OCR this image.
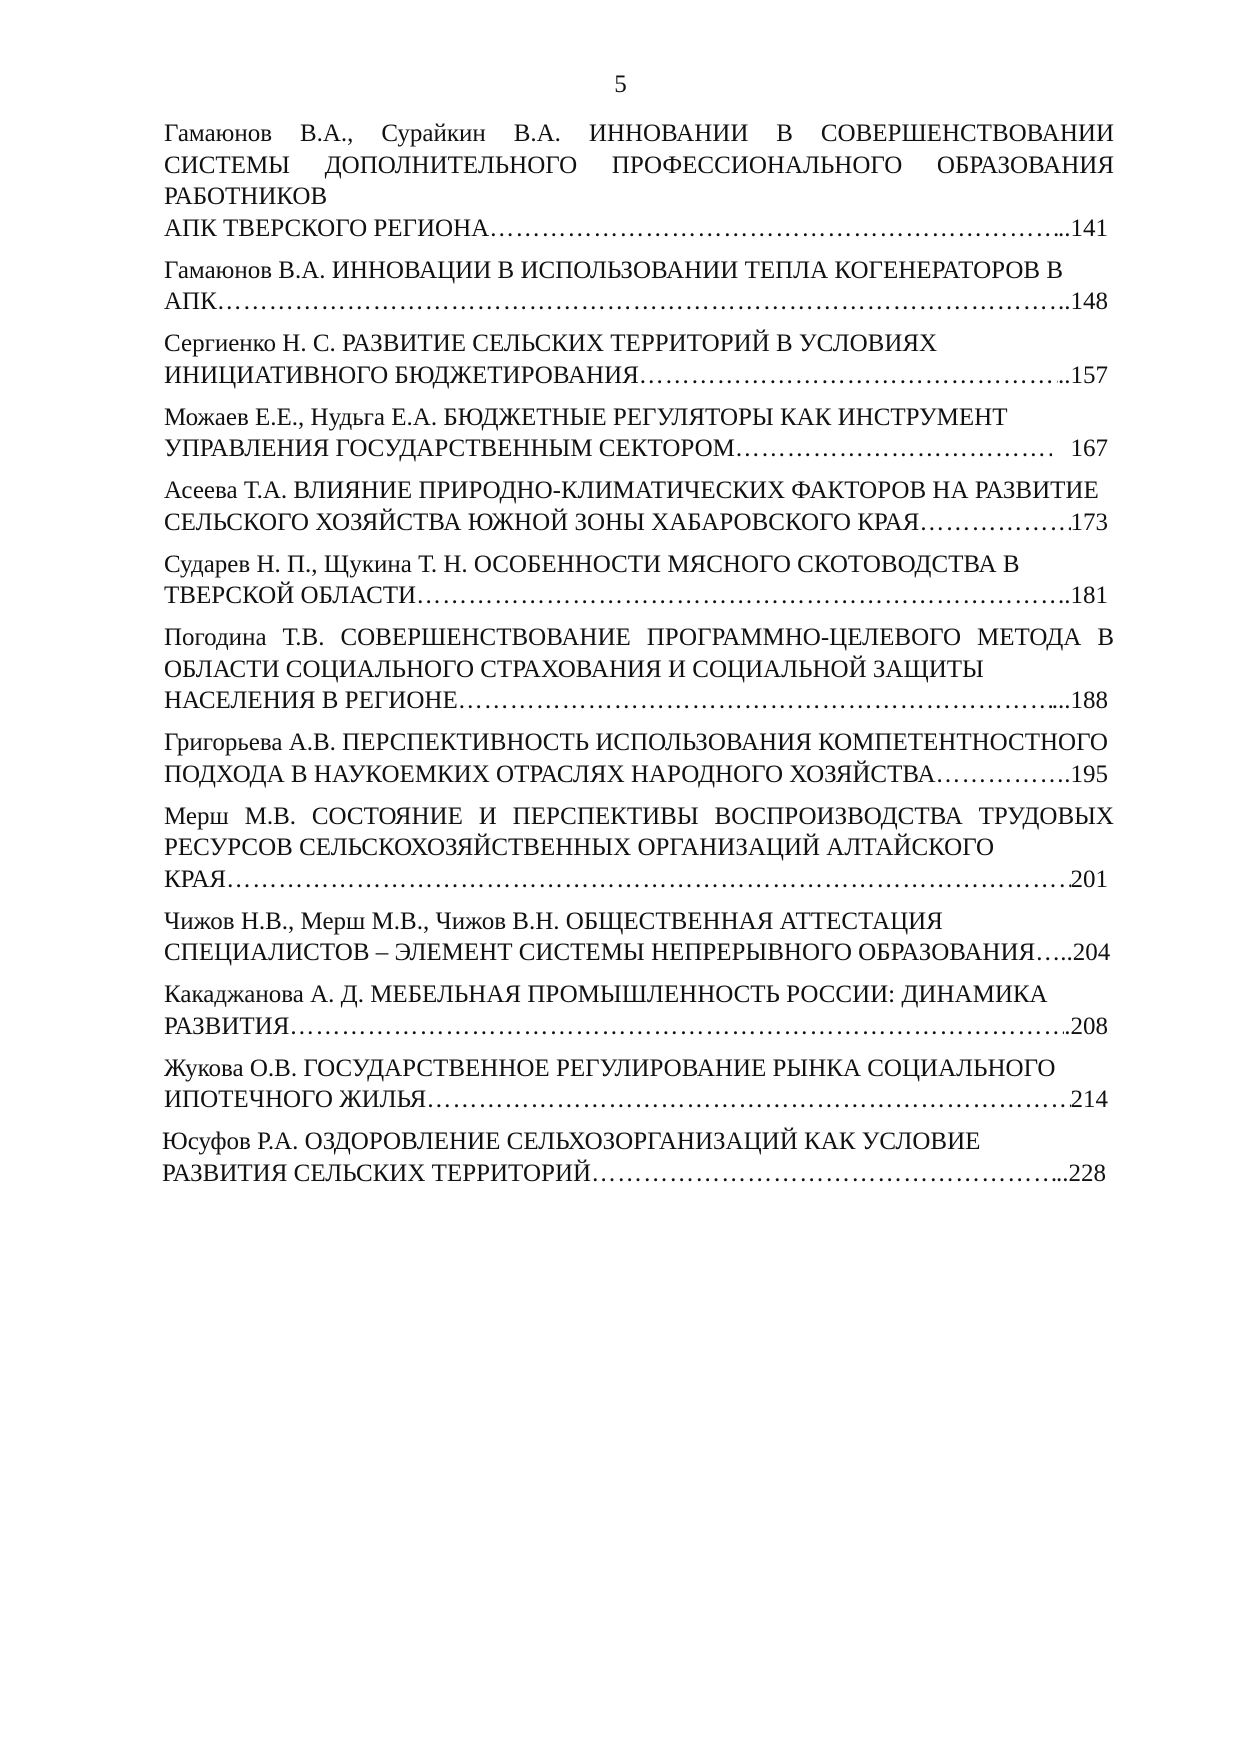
5
Гамаюнов В.А., Сурайкин В.А. ИННОВАНИИ В СОВЕРШЕНСТВОВАНИИ СИСТЕМЫ ДОПОЛНИТЕЛЬНОГО ПРОФЕССИОНАЛЬНОГО ОБРАЗОВАНИЯ РАБОТНИКОВ
АПК ТВЕРСКОГО РЕГИОНА ……………………………………………………………………………………………………………………………………………………………………………………………………………	..141
Гамаюнов В.А. ИННОВАЦИИ В ИСПОЛЬЗОВАНИИ ТЕПЛА КОГЕНЕРАТОРОВ В
АПК ……………………………………………………………………………………………………………………………………………………………………………………………………………	..148
Сергиенко Н. С. РАЗВИТИЕ СЕЛЬСКИХ ТЕРРИТОРИЙ В УСЛОВИЯХ
ИНИЦИАТИВНОГО БЮДЖЕТИРОВАНИЯ ……………………………………………………………………………………………………………………………………………………………………………………………………………	..157
Можаев Е.Е., Нудьга Е.А. БЮДЖЕТНЫЕ РЕГУЛЯТОРЫ КАК ИНСТРУМЕНТ
УПРАВЛЕНИЯ ГОСУДАРСТВЕННЫМ СЕКТОРОМ ……………………………………………………………………………………………………………………………………………………………………………………………………………	167
Асеева Т.А. ВЛИЯНИЕ ПРИРОДНО-КЛИМАТИЧЕСКИХ ФАКТОРОВ НА РАЗВИТИЕ
СЕЛЬСКОГО ХОЗЯЙСТВА ЮЖНОЙ ЗОНЫ ХАБАРОВСКОГО КРАЯ ……………………………………………………………………………………………………………………………………………………………………………………………………………	173
Сударев Н. П., Щукина Т. Н. ОСОБЕННОСТИ МЯСНОГО СКОТОВОДСТВА В
ТВЕРСКОЙ ОБЛАСТИ ……………………………………………………………………………………………………………………………………………………………………………………………………………	..181
Погодина Т.В. СОВЕРШЕНСТВОВАНИЕ ПРОГРАММНО-ЦЕЛЕВОГО МЕТОДА В ОБЛАСТИ СОЦИАЛЬНОГО СТРАХОВАНИЯ И СОЦИАЛЬНОЙ ЗАЩИТЫ
НАСЕЛЕНИЯ В РЕГИОНЕ ……………………………………………………………………………………………………………………………………………………………………………………………………………	...188
Григорьева А.В. ПЕРСПЕКТИВНОСТЬ ИСПОЛЬЗОВАНИЯ КОМПЕТЕНТНОСТНОГО
ПОДХОДА В НАУКОЕМКИХ ОТРАСЛЯХ НАРОДНОГО ХОЗЯЙСТВА ……………………………………………………………………………………………………………………………………………………………………………………………………………	.195
Мерш М.В. СОСТОЯНИЕ И ПЕРСПЕКТИВЫ ВОСПРОИЗВОДСТВА ТРУДОВЫХ РЕСУРСОВ СЕЛЬСКОХОЗЯЙСТВЕННЫХ ОРГАНИЗАЦИЙ АЛТАЙСКОГО
КРАЯ ……………………………………………………………………………………………………………………………………………………………………………………………………………	201
Чижов Н.В., Мерш М.В., Чижов В.Н. ОБЩЕСТВЕННАЯ АТТЕСТАЦИЯ
СПЕЦИАЛИСТОВ – ЭЛЕМЕНТ СИСТЕМЫ НЕПРЕРЫВНОГО ОБРАЗОВАНИЯ …..204
Какаджанова А. Д. МЕБЕЛЬНАЯ ПРОМЫШЛЕННОСТЬ РОССИИ: ДИНАМИКА
РАЗВИТИЯ ……………………………………………………………………………………………………………………………………………………………………………………………………………	.208
Жукова О.В. ГОСУДАРСТВЕННОЕ РЕГУЛИРОВАНИЕ РЫНКА СОЦИАЛЬНОГО
ИПОТЕЧНОГО ЖИЛЬЯ ……………………………………………………………………………………………………………………………………………………………………………………………………………	214
Юсуфов Р.А. ОЗДОРОВЛЕНИЕ СЕЛЬХОЗОРГАНИЗАЦИЙ КАК УСЛОВИЕ
РАЗВИТИЯ СЕЛЬСКИХ ТЕРРИТОРИЙ ……………………………………………………………………………………………………………………………………………………………………………………………………………	..228
